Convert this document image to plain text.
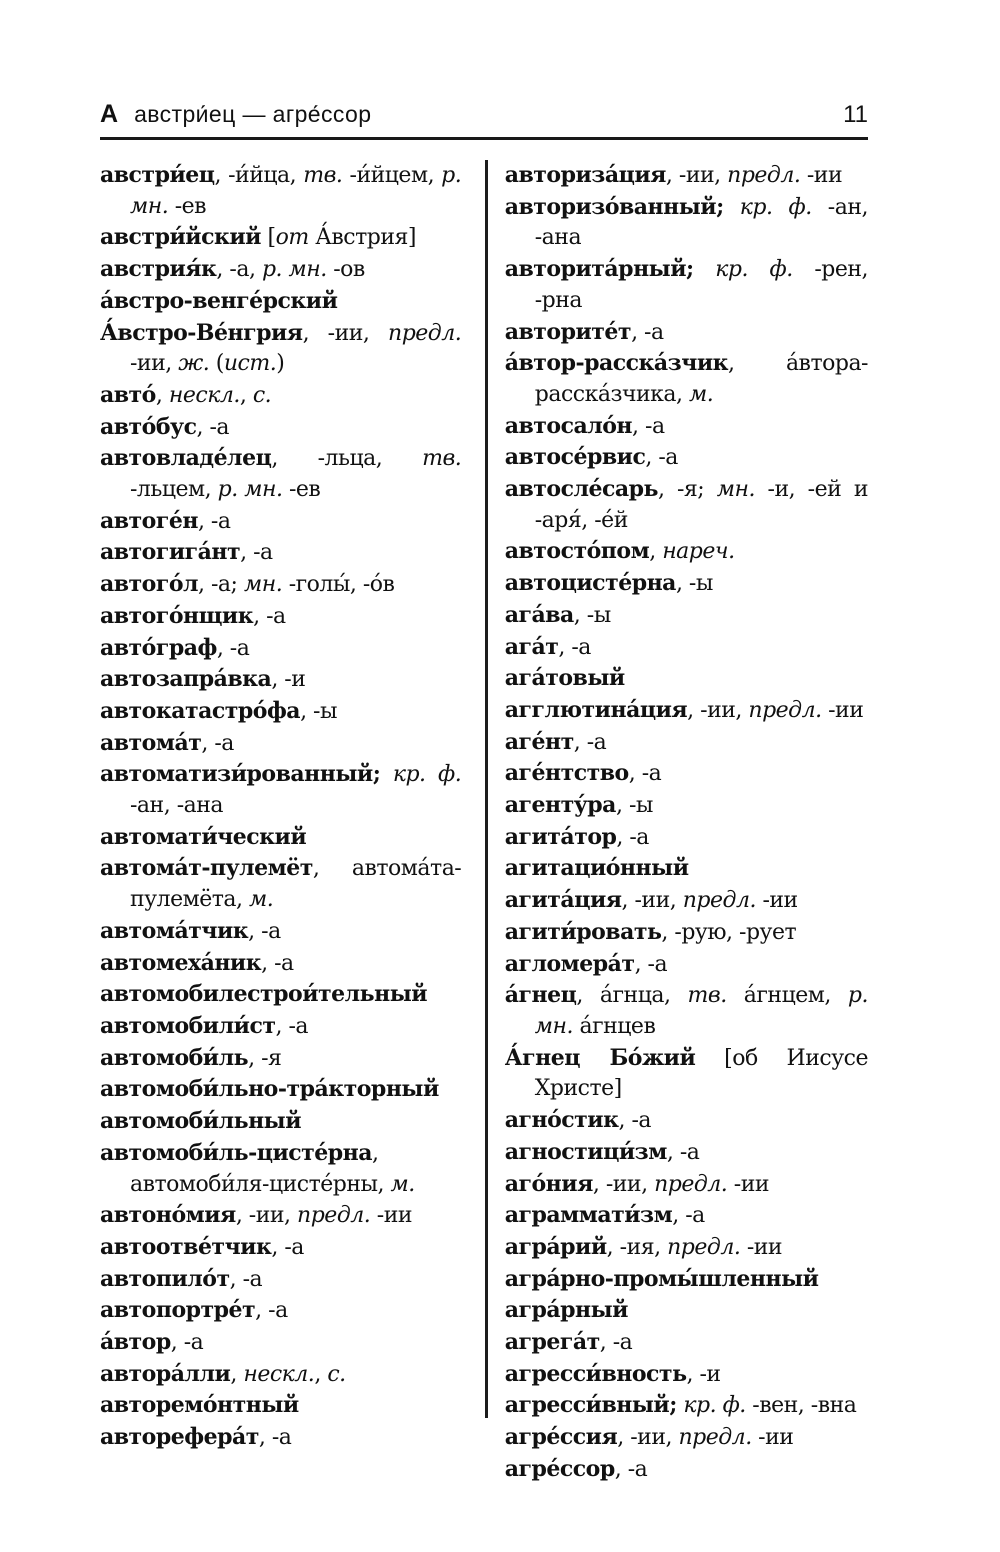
А австри́ец — агре́ссор	11

австри́ец, -и́йца, тв. -и́йцем, р. мн. -ев

австри́йский [от А́встрия]

австрия́к, -а, р. мн. -ов

а́встро-венге́рский

А́встро-Ве́нгрия, -ии, предл. -ии, ж. (ист.)

авто́, нескл., с.

авто́бус, -а

автовладе́лец, -льца, тв. -льцем, р. мн. -ев

автоге́н, -а

автогига́нт, -а

автого́л, -а; мн. -голы́, -о́в

автого́нщик, -а

авто́граф, -а

автозапра́вка, -и

автокатастро́фа, -ы

автома́т, -а

автоматизи́рованный; кр. ф. -ан, -ана

автомати́ческий

автома́т-пулемёт, автома́та-пулемёта, м.

автома́тчик, -а

автомеха́ник, -а

автомобилестрои́тельный

автомобили́ст, -а

автомоби́ль, -я

автомоби́льно-тра́кторный

автомоби́льный

автомоби́ль-цисте́рна, автомоби́ля-цисте́рны, м.

автоно́мия, -ии, предл. -ии

автоотве́тчик, -а

автопило́т, -а

автопортре́т, -а

а́втор, -а

автора́лли, нескл., с.

авторемо́нтный

авторефера́т, -а

авториза́ция, -ии, предл. -ии

авторизо́ванный; кр. ф. -ан, -ана

авторита́рный; кр. ф. -рен, -рна

авторите́т, -а

а́втор-расска́зчик, а́втора-расска́зчика, м.

автосало́н, -а

автосе́рвис, -а

автосле́сарь, -я; мн. -и, -ей и -аря́, -е́й

автосто́пом, нареч.

автоцисте́рна, -ы

ага́ва, -ы

ага́т, -а

ага́товый

агглютина́ция, -ии, предл. -ии

аге́нт, -а

аге́нтство, -а

агенту́ра, -ы

агита́тор, -а

агитацио́нный

агита́ция, -ии, предл. -ии

агити́ровать, -рую, -рует

агломера́т, -а

а́гнец, а́гнца, тв. а́гнцем, р. мн. а́гнцев

А́гнец Бо́жий [об Иисусе Христе]

агно́стик, -а

агностици́зм, -а

аго́ния, -ии, предл. -ии

аграммати́зм, -а

агра́рий, -ия, предл. -ии

агра́рно-промы́шленный

агра́рный

агрега́т, -а

агресси́вность, -и

агресси́вный; кр. ф. -вен, -вна

агре́ссия, -ии, предл. -ии

агре́ссор, -а
